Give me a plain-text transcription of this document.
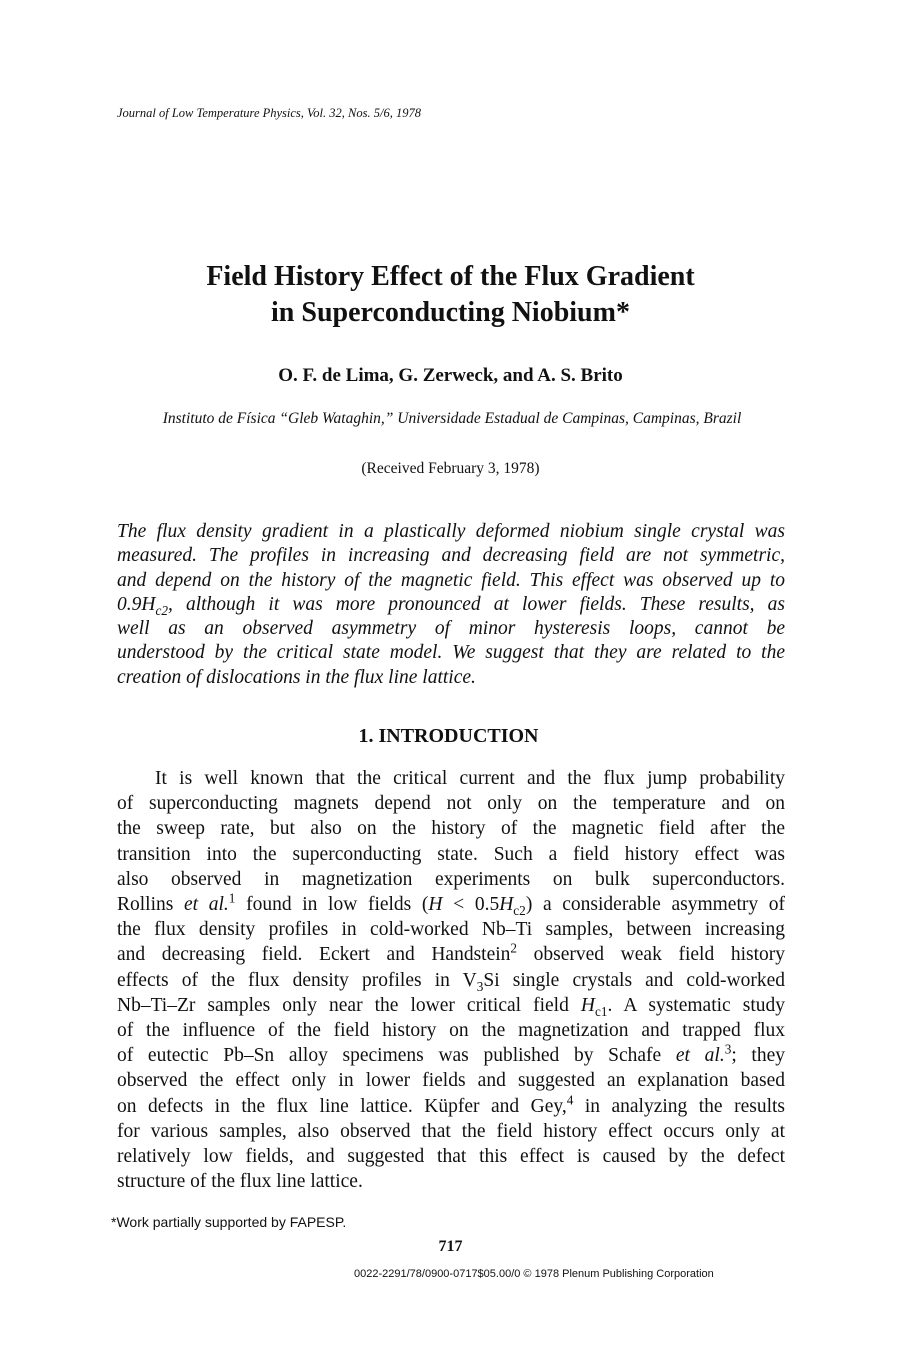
Journal of Low Temperature Physics, Vol. 32, Nos. 5/6, 1978
Field History Effect of the Flux Gradient
in Superconducting Niobium*
O. F. de Lima, G. Zerweck, and A. S. Brito
Instituto de Física “Gleb Wataghin,” Universidade Estadual de Campinas, Campinas, Brazil
(Received February 3, 1978)
The flux density gradient in a plastically deformed niobium single crystal was
measured. The profiles in increasing and decreasing field are not symmetric,
and depend on the history of the magnetic field. This effect was observed up to
$0.9H_{c2}$, although it was more pronounced at lower fields. These results, as
well as an observed asymmetry of minor hysteresis loops, cannot be
understood by the critical state model. We suggest that they are related to the
creation of dislocations in the flux line lattice.
1. INTRODUCTION
It is well known that the critical current and the flux jump probability
of superconducting magnets depend not only on the temperature and on
the sweep rate, but also on the history of the magnetic field after the
transition into the superconducting state. Such a field history effect was
also observed in magnetization experiments on bulk superconductors.
Rollins et al.$^1$ found in low fields $(H < 0.5H_{c2})$ a considerable asymmetry of
the flux density profiles in cold-worked Nb–Ti samples, between increasing
and decreasing field. Eckert and Handstein$^2$ observed weak field history
effects of the flux density profiles in $V_3Si$ single crystals and cold-worked
Nb–Ti–Zr samples only near the lower critical field $H_{c1}$. A systematic study
of the influence of the field history on the magnetization and trapped flux
of eutectic Pb–Sn alloy specimens was published by Schafe et al.$^3$; they
observed the effect only in lower fields and suggested an explanation based
on defects in the flux line lattice. Küpfer and Gey,$^4$ in analyzing the results
for various samples, also observed that the field history effect occurs only at
relatively low fields, and suggested that this effect is caused by the defect
structure of the flux line lattice.
*Work partially supported by FAPESP.
717
0022-2291/78/0900-0717$05.00/0 © 1978 Plenum Publishing Corporation
